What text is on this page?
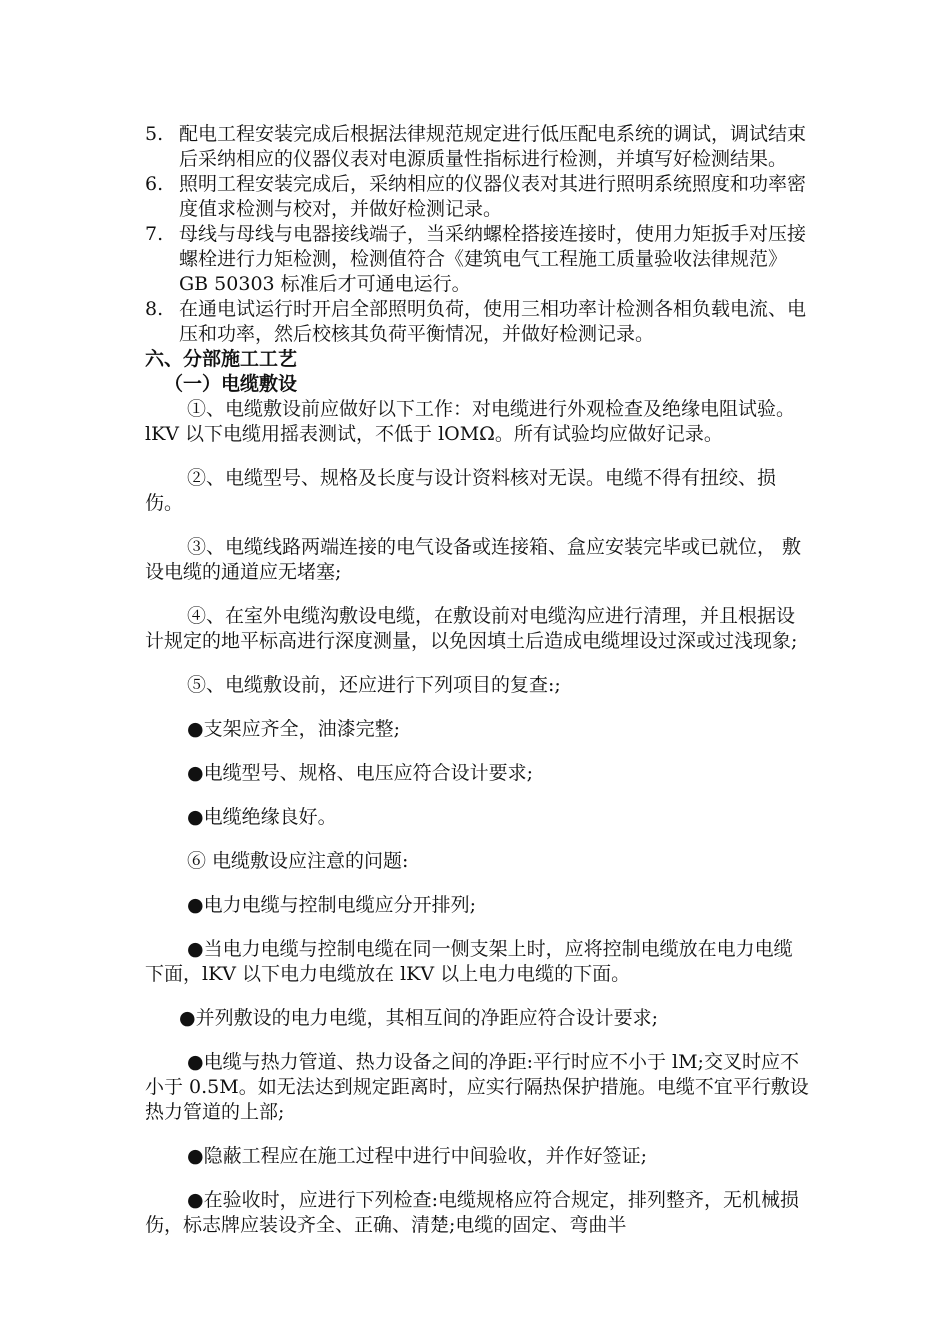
5. 配电工程安装完成后根据法律规范规定进行低压配电系统的调试，调试结束后采纳相应的仪器仪表对电源质量性指标进行检测，并填写好检测结果。
6. 照明工程安装完成后，采纳相应的仪器仪表对其进行照明系统照度和功率密度值求检测与校对，并做好检测记录。
7. 母线与母线与电器接线端子，当采纳螺栓搭接连接时，使用力矩扳手对压接螺栓进行力矩检测，检测值符合《建筑电气工程施工质量验收法律规范》GB 50303 标准后才可通电运行。
8. 在通电试运行时开启全部照明负荷，使用三相功率计检测各相负载电流、电压和功率，然后校核其负荷平衡情况，并做好检测记录。
六、分部施工工艺
（一）电缆敷设

①、电缆敷设前应做好以下工作：对电缆进行外观检查及绝缘电阻试验。lKV 以下电缆用摇表测试，不低于 lOMΩ。所有试验均应做好记录。

②、电缆型号、规格及长度与设计资料核对无误。电缆不得有扭绞、损伤。

③、电缆线路两端连接的电气设备或连接箱、盒应安装完毕或已就位， 敷设电缆的通道应无堵塞;

④、在室外电缆沟敷设电缆，在敷设前对电缆沟应进行清理，并且根据设计规定的地平标高进行深度测量，以免因填土后造成电缆埋设过深或过浅现象;

⑤、电缆敷设前，还应进行下列项目的复查:;

●支架应齐全，油漆完整;

●电缆型号、规格、电压应符合设计要求;

●电缆绝缘良好。

⑥ 电缆敷设应注意的问题:

●电力电缆与控制电缆应分开排列;

●当电力电缆与控制电缆在同一侧支架上时，应将控制电缆放在电力电缆下面，lKV 以下电力电缆放在 lKV 以上电力电缆的下面。

●并列敷设的电力电缆，其相互间的净距应符合设计要求;

●电缆与热力管道、热力设备之间的净距:平行时应不小于 lM;交叉时应不小于 0.5M。如无法达到规定距离时，应实行隔热保护措施。电缆不宜平行敷设热力管道的上部;

●隐蔽工程应在施工过程中进行中间验收，并作好签证;

●在验收时，应进行下列检查:电缆规格应符合规定，排列整齐，无机械损伤，标志牌应装设齐全、正确、清楚;电缆的固定、弯曲半
